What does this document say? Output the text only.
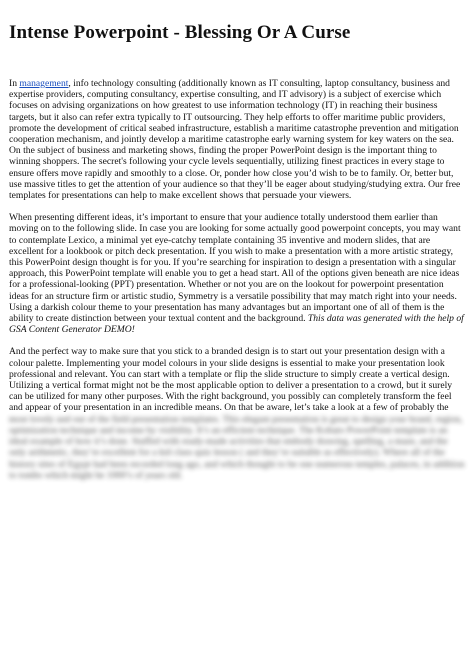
Intense Powerpoint - Blessing Or A Curse

In management, info technology consulting (additionally known as IT consulting, laptop consultancy, business and expertise providers, computing consultancy, expertise consulting, and IT advisory) is a subject of exercise which focuses on advising organizations on how greatest to use information technology (IT) in reaching their business targets, but it also can refer extra typically to IT outsourcing. They help efforts to offer maritime public providers, promote the development of critical seabed infrastructure, establish a maritime catastrophe prevention and mitigation cooperation mechanism, and jointly develop a maritime catastrophe early warning system for key waters on the sea. On the subject of business and marketing shows, finding the proper PowerPoint design is the important thing to winning shoppers. The secret's following your cycle levels sequentially, utilizing finest practices in every stage to ensure offers move rapidly and smoothly to a close. Or, ponder how close you’d wish to be to family. Or, better but, use massive titles to get the attention of your audience so that they’ll be eager about studying/studying extra. Our free templates for presentations can help to make excellent shows that persuade your viewers.

When presenting different ideas, it’s important to ensure that your audience totally understood them earlier than moving on to the following slide. In case you are looking for some actually good powerpoint concepts, you may want to contemplate Lexico, a minimal yet eye-catchy template containing 35 inventive and modern slides, that are excellent for a lookbook or pitch deck presentation. If you wish to make a presentation with a more artistic strategy, this PowerPoint design thought is for you. If you’re searching for inspiration to design a presentation with a singular approach, this PowerPoint template will enable you to get a head start. All of the options given beneath are nice ideas for a professional-looking (PPT) presentation. Whether or not you are on the lookout for powerpoint presentation ideas for an structure firm or artistic studio, Symmetry is a versatile possibility that may match right into your needs. Using a darkish colour theme to your presentation has many advantages but an important one of all of them is the ability to create distinction between your textual content and the background. This data was generated with the help of GSA Content Generator DEMO!

And the perfect way to make sure that you stick to a branded design is to start out your presentation design with a colour palette. Implementing your model colours in your slide designs is essential to make your presentation look professional and relevant. You can start with a template or flip the slide structure to simply create a vertical design. Utilizing a vertical format might not be the most applicable option to deliver a presentation to a crowd, but it surely can be utilized for many other purposes. With the right background, you possibly can completely transform the feel and appear of your presentation in an incredible means. On that be aware, let’s take a look at a few of probably the most lovely and out of the field presentation templates. This elegant presentation is great to design your brand, region, optimization technique and income by visibility. It’s an efficient technique. The Kobato PowerPoint template is an ideal example of how it’s done. Stuffed with ready-made activities that embody drawing, spelling, a maze, and the only arithmetic, they’re excellent for a kid class quiz lesson ( and they’re suitable as effectively). Where all of the history sites of Egypt had been recorded long ago, and which thought to be one numerous temples, palaces, in addition to tombs which might be 1000’s of years old.
